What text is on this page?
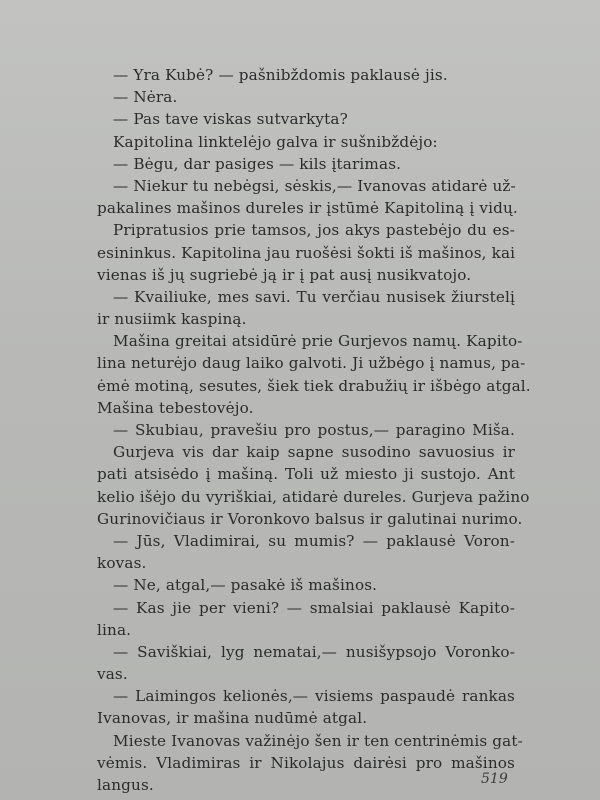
— Yra Kubė? — pašnibždomis paklausė jis.
— Nėra.
— Pas tave viskas sutvarkyta?
Kapitolina linktelėjo galva ir sušnibždėjo:
— Bėgu, dar pasiges — kils įtarimas.
— Niekur tu nebėgsi, sėskis,— Ivanovas atidarė už-
pakalines mašinos dureles ir įstūmė Kapitoliną į vidų.
Pripratusios prie tamsos, jos akys pastebėjo du es-
esininkus. Kapitolina jau ruošėsi šokti iš mašinos, kai
vienas iš jų sugriebė ją ir į pat ausį nusikvatojo.
— Kvailiuke, mes savi. Tu verčiau nusisek žiurstelį
ir nusiimk kaspiną.
Mašina greitai atsidūrė prie Gurjevos namų. Kapito-
lina neturėjo daug laiko galvoti. Ji užbėgo į namus, pa-
ėmė motiną, sesutes, šiek tiek drabužių ir išbėgo atgal.
Mašina tebestovėjo.
— Skubiau, pravešiu pro postus,— paragino Miša.
Gurjeva vis dar kaip sapne susodino savuosius ir
pati atsisėdo į mašiną. Toli už miesto ji sustojo. Ant
kelio išėjo du vyriškiai, atidarė dureles. Gurjeva pažino
Gurinovičiaus ir Voronkovo balsus ir galutinai nurimo.
— Jūs, Vladimirai, su mumis? — paklausė Voron-
kovas.
— Ne, atgal,— pasakė iš mašinos.
— Kas jie per vieni? — smalsiai paklausė Kapito-
lina.
— Saviškiai, lyg nematai,— nusišypsojo Voronko-
vas.
— Laimingos kelionės,— visiems paspaudė rankas
Ivanovas, ir mašina nudūmė atgal.
Mieste Ivanovas važinėjo šen ir ten centrinėmis gat-
vėmis. Vladimiras ir Nikolajus dairėsi pro mašinos
langus.	519
